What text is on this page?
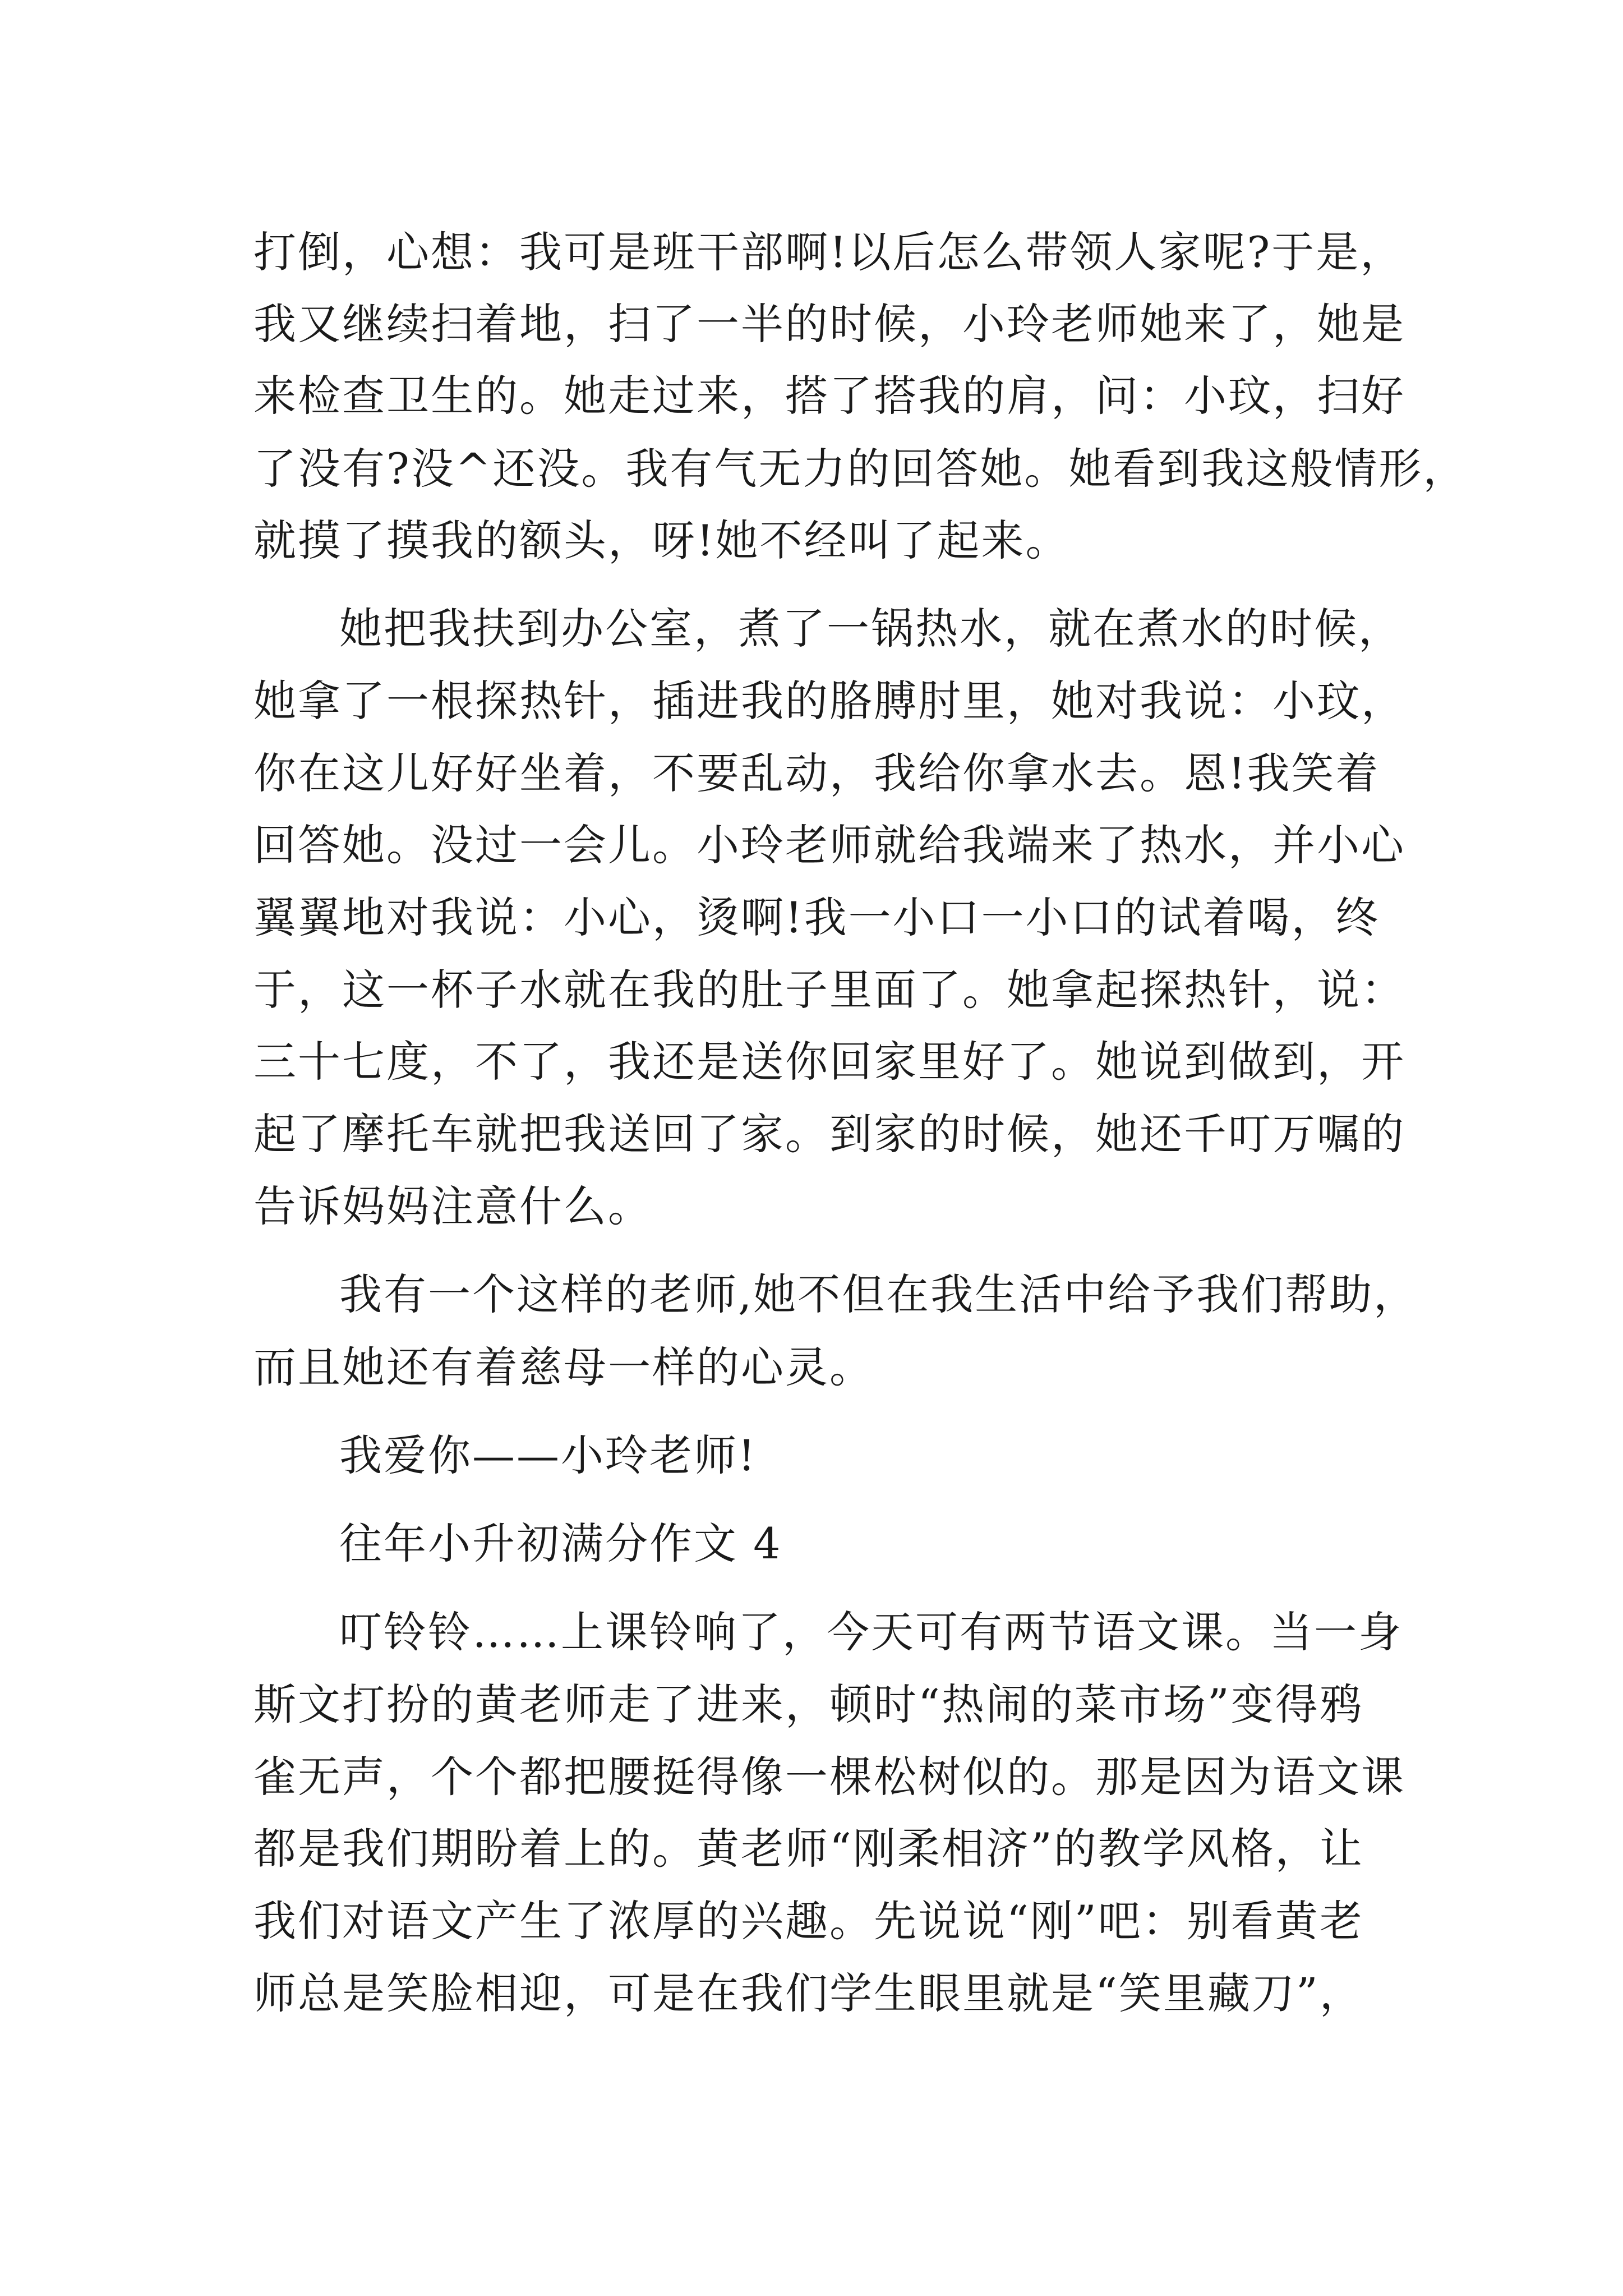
打倒，心想：我可是班干部啊!以后怎么带领人家呢?于是，
我又继续扫着地，扫了一半的时候，小玲老师她来了，她是
来检查卫生的。她走过来，搭了搭我的肩，问：小玟，扫好
了没有?没^还没。我有气无力的回答她。她看到我这般情形，
就摸了摸我的额头，呀!她不经叫了起来。
她把我扶到办公室，煮了一锅热水，就在煮水的时候，
她拿了一根探热针，插进我的胳膊肘里，她对我说：小玟，
你在这儿好好坐着，不要乱动，我给你拿水去。恩!我笑着
回答她。没过一会儿。小玲老师就给我端来了热水，并小心
翼翼地对我说：小心，烫啊!我一小口一小口的试着喝，终
于，这一杯子水就在我的肚子里面了。她拿起探热针，说：
三十七度，不了，我还是送你回家里好了。她说到做到，开
起了摩托车就把我送回了家。到家的时候，她还千叮万嘱的
告诉妈妈注意什么。
我有一个这样的老师,她不但在我生活中给予我们帮助，
而且她还有着慈母一样的心灵。
我爱你——小玲老师!
往年小升初满分作文 4
叮铃铃……上课铃响了，今天可有两节语文课。当一身
斯文打扮的黄老师走了进来，顿时“热闹的菜市场”变得鸦
雀无声，个个都把腰挺得像一棵松树似的。那是因为语文课
都是我们期盼着上的。黄老师“刚柔相济”的教学风格，让
我们对语文产生了浓厚的兴趣。先说说“刚”吧：别看黄老
师总是笑脸相迎，可是在我们学生眼里就是“笑里藏刀”，
